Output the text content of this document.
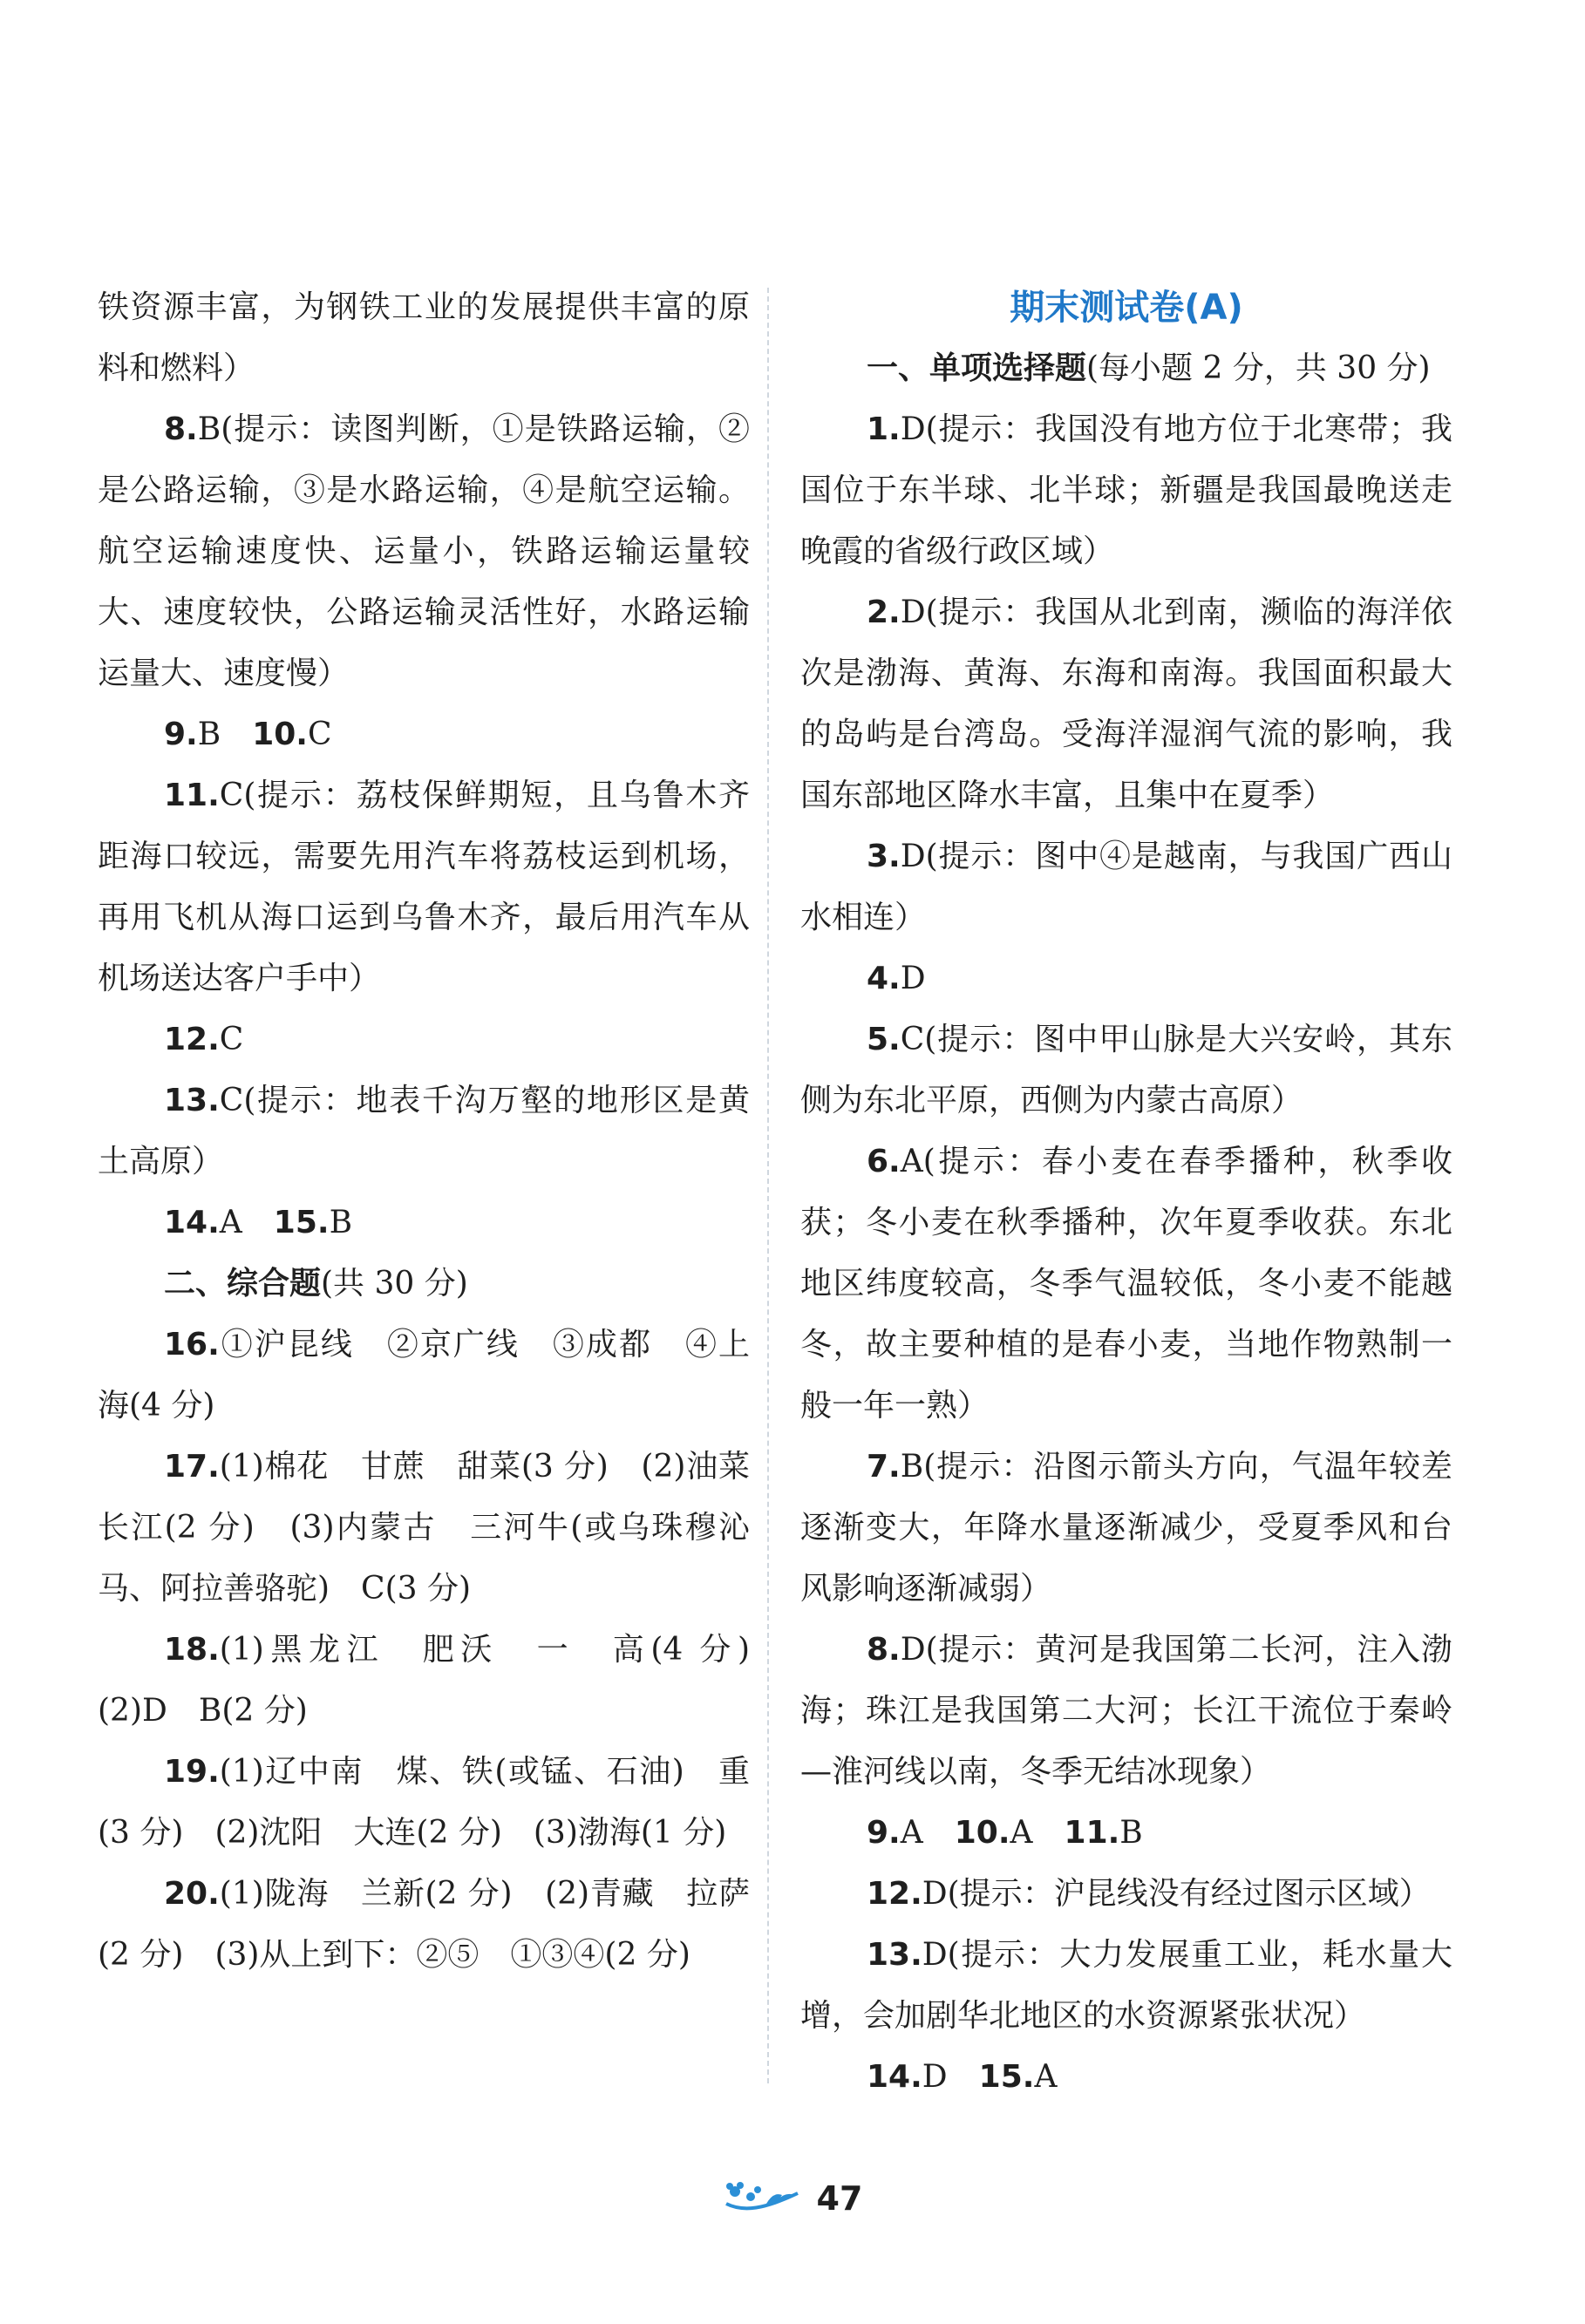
铁资源丰富，为钢铁工业的发展提供丰富的原料和燃料）

8.B(提示：读图判断，①是铁路运输，②是公路运输，③是水路运输，④是航空运输。航空运输速度快、运量小，铁路运输运量较大、速度较快，公路运输灵活性好，水路运输运量大、速度慢）

9.B　10.C

11.C(提示：荔枝保鲜期短，且乌鲁木齐距海口较远，需要先用汽车将荔枝运到机场，再用飞机从海口运到乌鲁木齐，最后用汽车从机场送达客户手中）

12.C

13.C(提示：地表千沟万壑的地形区是黄土高原）

14.A　15.B

二、综合题(共 30 分)

16.①沪昆线　②京广线　③成都　④上海(4 分)

17.(1)棉花　甘蔗　甜菜(3 分)　(2)油菜　长江(2 分)　(3)内蒙古　三河牛(或乌珠穆沁马、阿拉善骆驼)　C(3 分)

18.(1)黑龙江　肥沃　一　高(4 分)　(2)D　B(2 分)

19.(1)辽中南　煤、铁(或锰、石油)　重(3 分)　(2)沈阳　大连(2 分)　(3)渤海(1 分)

20.(1)陇海　兰新(2 分)　(2)青藏　拉萨(2 分)　(3)从上到下：②⑤　①③④(2 分)

期末测试卷(A)

一、单项选择题(每小题 2 分，共 30 分)

1.D(提示：我国没有地方位于北寒带；我国位于东半球、北半球；新疆是我国最晚送走晚霞的省级行政区域）

2.D(提示：我国从北到南，濒临的海洋依次是渤海、黄海、东海和南海。我国面积最大的岛屿是台湾岛。受海洋湿润气流的影响，我国东部地区降水丰富，且集中在夏季）

3.D(提示：图中④是越南，与我国广西山水相连）

4.D

5.C(提示：图中甲山脉是大兴安岭，其东侧为东北平原，西侧为内蒙古高原）

6.A(提示：春小麦在春季播种，秋季收获；冬小麦在秋季播种，次年夏季收获。东北地区纬度较高，冬季气温较低，冬小麦不能越冬，故主要种植的是春小麦，当地作物熟制一般一年一熟）

7.B(提示：沿图示箭头方向，气温年较差逐渐变大，年降水量逐渐减少，受夏季风和台风影响逐渐减弱）

8.D(提示：黄河是我国第二长河，注入渤海；珠江是我国第二大河；长江干流位于秦岭—淮河线以南，冬季无结冰现象）

9.A　10.A　11.B

12.D(提示：沪昆线没有经过图示区域）

13.D(提示：大力发展重工业，耗水量大增，会加剧华北地区的水资源紧张状况）

14.D　15.A

47
